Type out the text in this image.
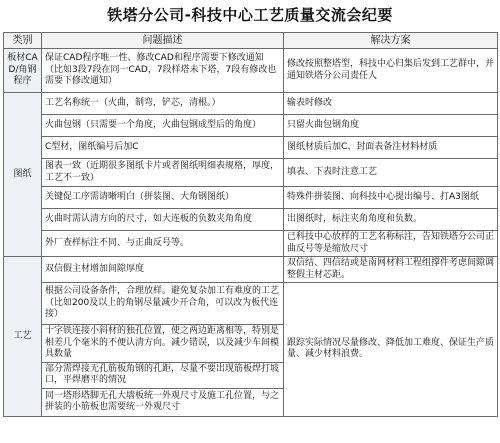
铁塔分公司-科技中心工艺质量交流会纪要
类别	问题描述	解决方案
板材CAD/角钢程序	保证CAD程序唯一性、修改CAD和程序需要下修改通知（比如3段7段在同一CAD，7段样塔未下塔，7段有修改也需要下修改通知）	修改按照整塔型，科技中心归集后发到工艺群中，并通知铁塔分公司责任人
图纸	工艺名称统一（火曲，制弯，铲芯，清根。）	输表时修改
	火曲包钢（只需要一个角度，火曲包钢成型后的角度）	只留火曲包钢角度
	C型材，图纸编号后加C	图纸材质后加C、封面表备注材料材质
	图表一致（近期很多图纸卡片或者图纸明细表规格，厚度，工艺不一致）	填表、下表时注意工艺
	关键促工序需请晰明白（拼装图、大角钢图纸）	特殊件拼装图、向科技中心提出编号、打A3图纸
	火曲时需认清方向的尺寸，如大连板的负数夹角角度	出图纸时，标注夹角角度和负数。
	外厂查样标注不同、与正曲反号等。	已科技中心放样的工艺名称标注，告知铁塔分公司正曲反号等是缩放尺寸
工艺	双信假主材增加间隙厚度	双信结、四信结或是南网材料工程组撑件考虑间隙调整假主材芯距。
	根据公司设备条件，合理放样。避免复杂加工有难度的工艺（比如200及以上的角钢尽量减少开合角，可以改为板代连接）	跟踪实际情况尽量修改、降低加工难度、保证生产质量、减少材料浪费。
	十字铁连接小斜材的独孔位置，使之两边距离相等，特别是相差几个毫米的不便认清方向。减少错误，以及减少车间模具数量	
	部分需焊接无孔筋板角钢的孔距，尽量不要出现筋板焊打坡口，平焊磨平的情况	
	同一塔形塔脚无孔大墙板统一外观尺寸及施工孔位置，与之拼装的小筋板也需要统一外观尺寸	
